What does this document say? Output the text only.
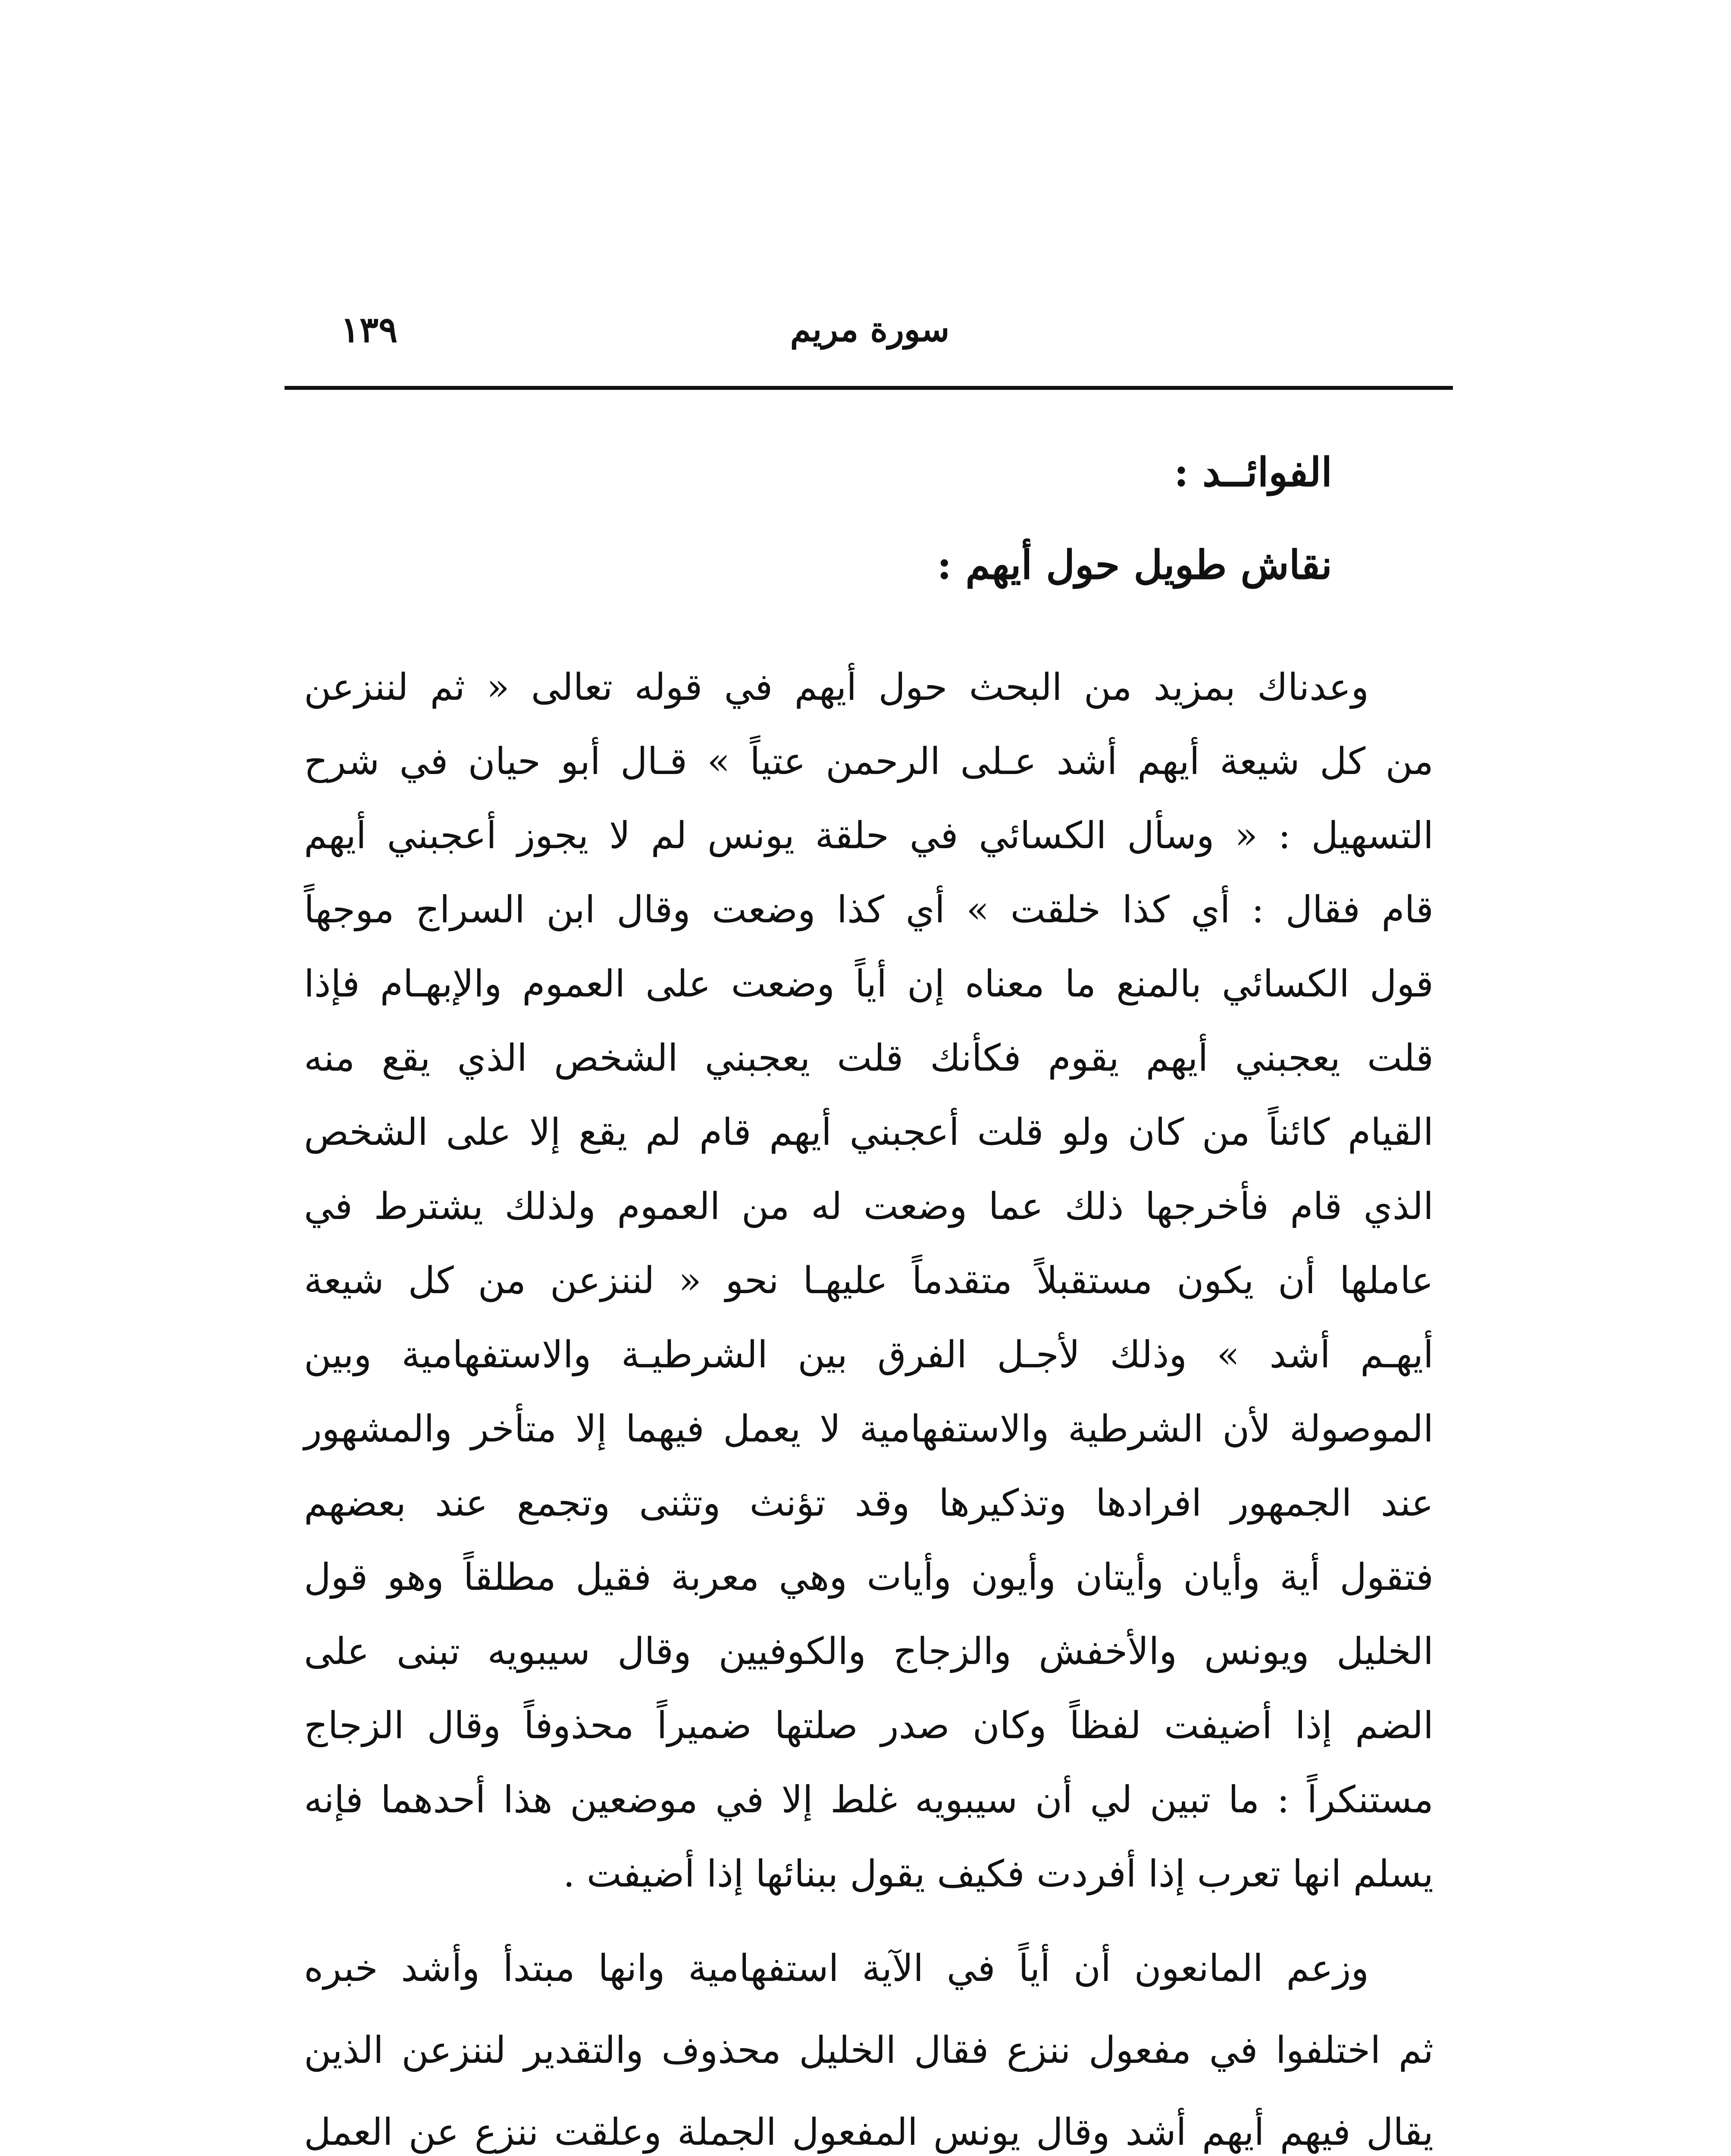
سورة مريم
١٣٩
الفوائــد :
نقاش طويل حول أيهم :
وعدناك بمزيد من البحث حول أيهم في قوله تعالى « ثم لننزعن
من كل شيعة أيهم أشد عـلى الرحمن عتياً » قـال أبو حيان في شرح
التسهيل : « وسأل الكسائي في حلقة يونس لم لا يجوز أعجبني أيهم
قام فقال : أي كذا خلقت » أي كذا وضعت وقال ابن السراج موجهاً
قول الكسائي بالمنع ما معناه إن أياً وضعت على العموم والإبهـام فإذا
قلت يعجبني أيهم يقوم فكأنك قلت يعجبني الشخص الذي يقع منه
القيام كائناً من كان ولو قلت أعجبني أيهم قام لم يقع إلا على الشخص
الذي قام فأخرجها ذلك عما وضعت له من العموم ولذلك يشترط في
عاملها أن يكون مستقبلاً متقدماً عليهـا نحو « لننزعن من كل شيعة
أيهـم أشد » وذلك لأجـل الفرق بين الشرطيـة والاستفهامية وبين
الموصولة لأن الشرطية والاستفهامية لا يعمل فيهما إلا متأخر والمشهور
عند الجمهور افرادها وتذكيرها وقد تؤنث وتثنى وتجمع عند بعضهم
فتقول أية وأيان وأيتان وأيون وأيات وهي معربة فقيل مطلقاً وهو قول
الخليل ويونس والأخفش والزجاج والكوفيين وقال سيبويه تبنى على
الضم إذا أضيفت لفظاً وكان صدر صلتها ضميراً محذوفاً وقال الزجاج
مستنكراً : ما تبين لي أن سيبويه غلط إلا في موضعين هذا أحدهما فإنه
يسلم انها تعرب إذا أفردت فكيف يقول ببنائها إذا أضيفت .
وزعم المانعون أن أياً في الآية استفهامية وانها مبتدأ وأشد خبره
ثم اختلفوا في مفعول ننزع فقال الخليل محذوف والتقدير لننزعن الذين
يقال فيهم أيهم أشد وقال يونس المفعول الجملة وعلقت ننزع عن العمل
